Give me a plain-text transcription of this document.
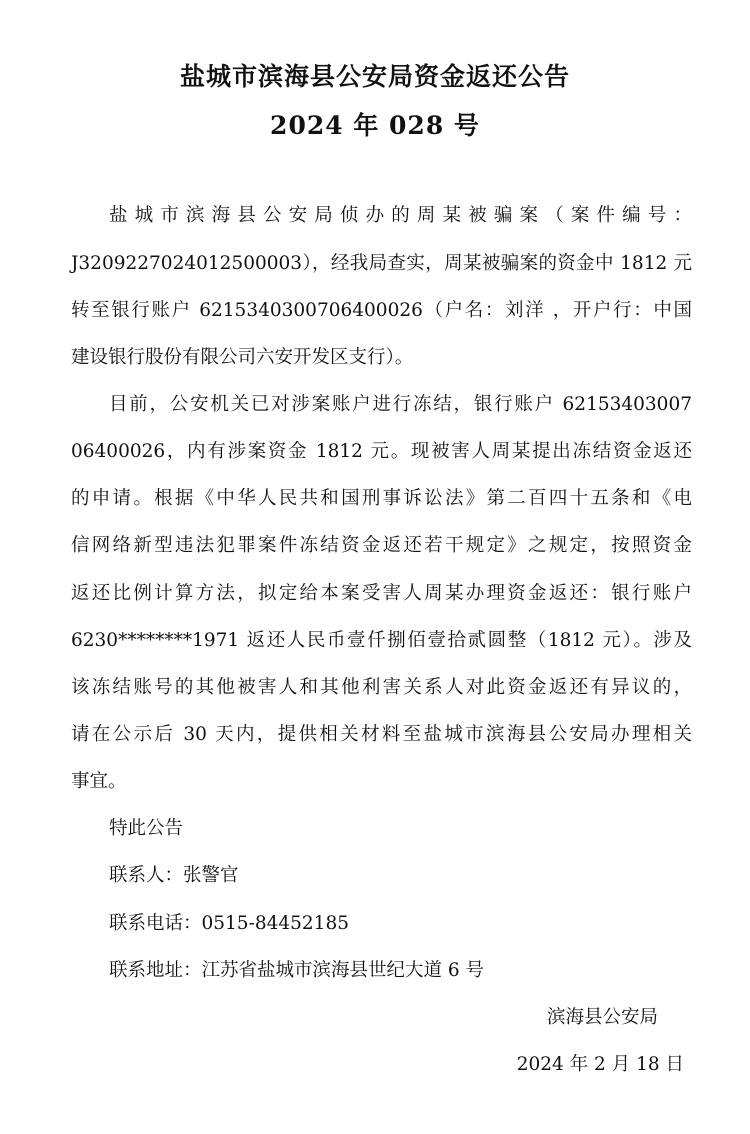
盐城市滨海县公安局资金返还公告
2024 年 028 号
盐城市滨海县公安局侦办的周某被骗案（案件编号：
J3209227024012500003），经我局查实，周某被骗案的资金中 1812 元
转至银行账户 6215340300706400026（户名：刘洋 ，开户行：中国
建设银行股份有限公司六安开发区支行）。
目前，公安机关已对涉案账户进行冻结，银行账户 62153403007
06400026，内有涉案资金 1812 元。现被害人周某提出冻结资金返还
的申请。根据《中华人民共和国刑事诉讼法》第二百四十五条和《电
信网络新型违法犯罪案件冻结资金返还若干规定》之规定，按照资金
返还比例计算方法，拟定给本案受害人周某办理资金返还：银行账户
6230********1971 返还人民币壹仟捌佰壹拾贰圆整（1812 元）。涉及
该冻结账号的其他被害人和其他利害关系人对此资金返还有异议的，
请在公示后 30 天内，提供相关材料至盐城市滨海县公安局办理相关
事宜。
特此公告
联系人：张警官
联系电话：0515-84452185
联系地址：江苏省盐城市滨海县世纪大道 6 号
滨海县公安局
2024 年 2 月 18 日
